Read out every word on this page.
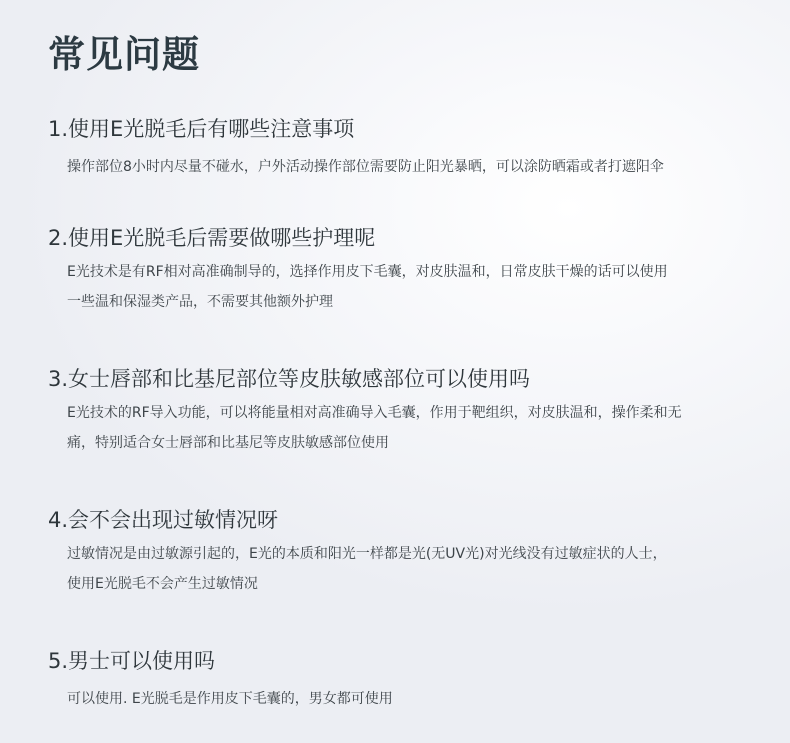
常见问题
1.使用E光脱毛后有哪些注意事项

操作部位8小时内尽量不碰水，户外活动操作部位需要防止阳光暴晒，可以涂防晒霜或者打遮阳伞

2.使用E光脱毛后需要做哪些护理呢

E光技术是有RF相对高准确制导的，选择作用皮下毛囊，对皮肤温和，日常皮肤干燥的话可以使用
一些温和保湿类产品，不需要其他额外护理

3.女士唇部和比基尼部位等皮肤敏感部位可以使用吗

E光技术的RF导入功能，可以将能量相对高准确导入毛囊，作用于靶组织，对皮肤温和，操作柔和无
痛，特别适合女士唇部和比基尼等皮肤敏感部位使用

4.会不会出现过敏情况呀

过敏情况是由过敏源引起的，E光的本质和阳光一样都是光(无UV光)对光线没有过敏症状的人士，
使用E光脱毛不会产生过敏情况

5.男士可以使用吗

可以使用. E光脱毛是作用皮下毛囊的，男女都可使用
